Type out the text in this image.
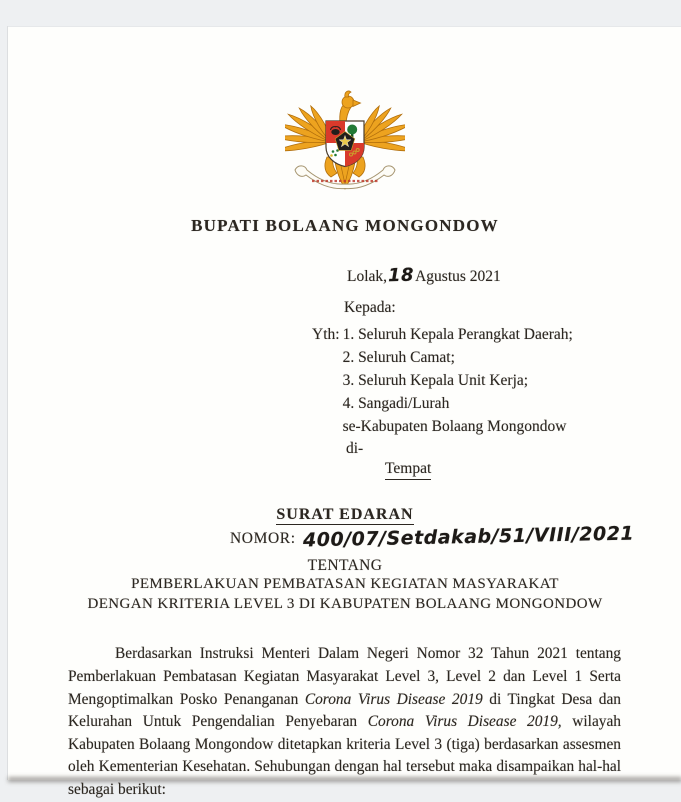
BUPATI BOLAANG MONGONDOW
Lolak,18Agustus 2021
Kepada:
Yth: 1. Seluruh Kepala Perangkat Daerah;
2. Seluruh Camat;
3. Seluruh Kepala Unit Kerja;
4. Sangadi/Lurah
se-Kabupaten Bolaang Mongondow
di-
Tempat
SURAT EDARAN
NOMOR: 400/07/Setdakab/51/VIII/2021
TENTANG
PEMBERLAKUAN PEMBATASAN KEGIATAN MASYARAKAT
DENGAN KRITERIA LEVEL 3 DI KABUPATEN BOLAANG MONGONDOW

Berdasarkan Instruksi Menteri Dalam Negeri Nomor 32 Tahun 2021 tentang Pemberlakuan Pembatasan Kegiatan Masyarakat Level 3, Level 2 dan Level 1 Serta Mengoptimalkan Posko Penanganan Corona Virus Disease 2019 di Tingkat Desa dan Kelurahan Untuk Pengendalian Penyebaran Corona Virus Disease 2019, wilayah Kabupaten Bolaang Mongondow ditetapkan kriteria Level 3 (tiga) berdasarkan assesmen oleh Kementerian Kesehatan. Sehubungan dengan hal tersebut maka disampaikan hal-hal sebagai berikut:
